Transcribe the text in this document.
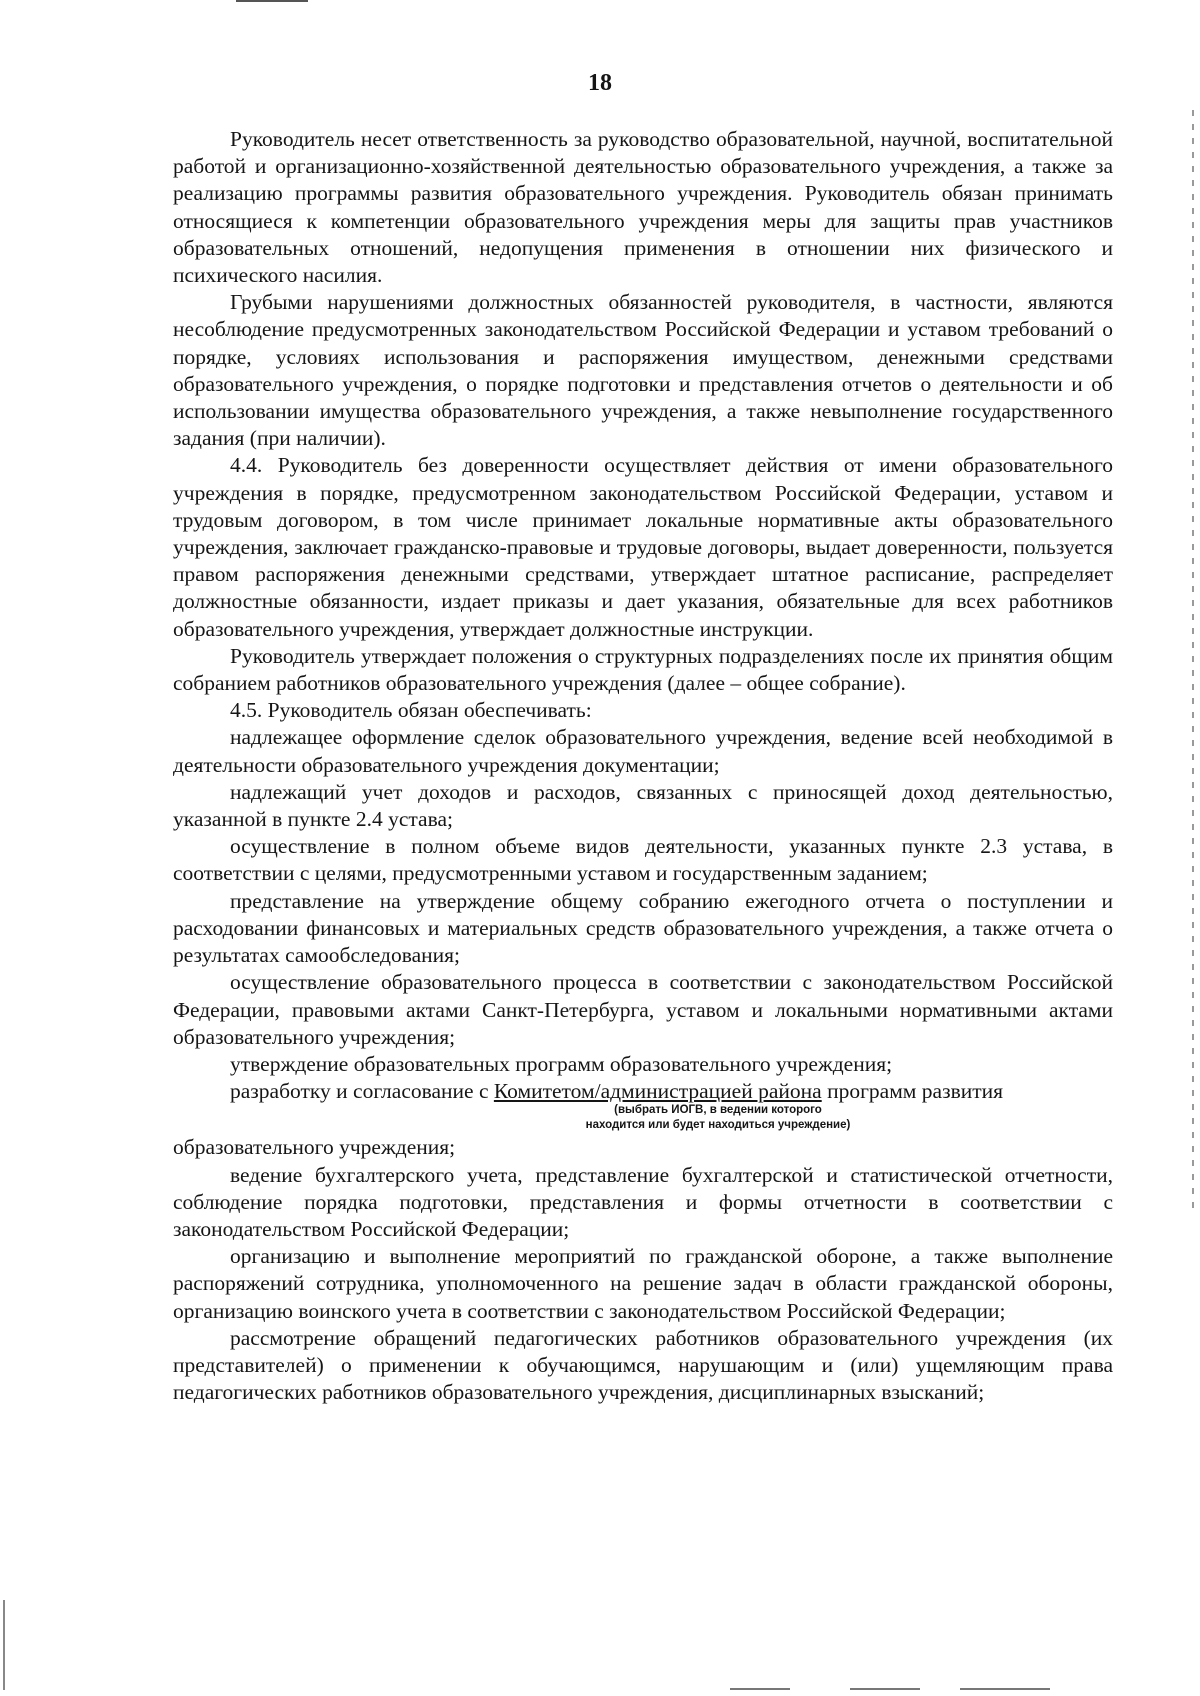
18

Руководитель несет ответственность за руководство образовательной, научной, воспитательной работой и организационно-хозяйственной деятельностью образовательного учреждения, а также за реализацию программы развития образовательного учреждения. Руководитель обязан принимать относящиеся к компетенции образовательного учреждения меры для защиты прав участников образовательных отношений, недопущения применения в отношении них физического и психического насилия.

Грубыми нарушениями должностных обязанностей руководителя, в частности, являются несоблюдение предусмотренных законодательством Российской Федерации и уставом требований о порядке, условиях использования и распоряжения имуществом, денежными средствами образовательного учреждения, о порядке подготовки и представления отчетов о деятельности и об использовании имущества образовательного учреждения, а также невыполнение государственного задания (при наличии).

4.4. Руководитель без доверенности осуществляет действия от имени образовательного учреждения в порядке, предусмотренном законодательством Российской Федерации, уставом и трудовым договором, в том числе принимает локальные нормативные акты образовательного учреждения, заключает гражданско-правовые и трудовые договоры, выдает доверенности, пользуется правом распоряжения денежными средствами, утверждает штатное расписание, распределяет должностные обязанности, издает приказы и дает указания, обязательные для всех работников образовательного учреждения, утверждает должностные инструкции.

Руководитель утверждает положения о структурных подразделениях после их принятия общим собранием работников образовательного учреждения (далее – общее собрание).

4.5. Руководитель обязан обеспечивать:

надлежащее оформление сделок образовательного учреждения, ведение всей необходимой в деятельности образовательного учреждения документации;

надлежащий учет доходов и расходов, связанных с приносящей доход деятельностью, указанной в пункте 2.4 устава;

осуществление в полном объеме видов деятельности, указанных пункте 2.3 устава, в соответствии с целями, предусмотренными уставом и государственным заданием;

представление на утверждение общему собранию ежегодного отчета о поступлении и расходовании финансовых и материальных средств образовательного учреждения, а также отчета о результатах самообследования;

осуществление образовательного процесса в соответствии с законодательством Российской Федерации, правовыми актами Санкт-Петербурга, уставом и локальными нормативными актами образовательного учреждения;

утверждение образовательных программ образовательного учреждения;

разработку и согласование с Комитетом/администрацией района программ развития

(выбрать ИОГВ, в ведении которого
находится или будет находиться учреждение)

образовательного учреждения;

ведение бухгалтерского учета, представление бухгалтерской и статистической отчетности, соблюдение порядка подготовки, представления и формы отчетности в соответствии с законодательством Российской Федерации;

организацию и выполнение мероприятий по гражданской обороне, а также выполнение распоряжений сотрудника, уполномоченного на решение задач в области гражданской обороны, организацию воинского учета в соответствии с законодательством Российской Федерации;

рассмотрение обращений педагогических работников образовательного учреждения (их представителей) о применении к обучающимся, нарушающим и (или) ущемляющим права педагогических работников образовательного учреждения, дисциплинарных взысканий;
